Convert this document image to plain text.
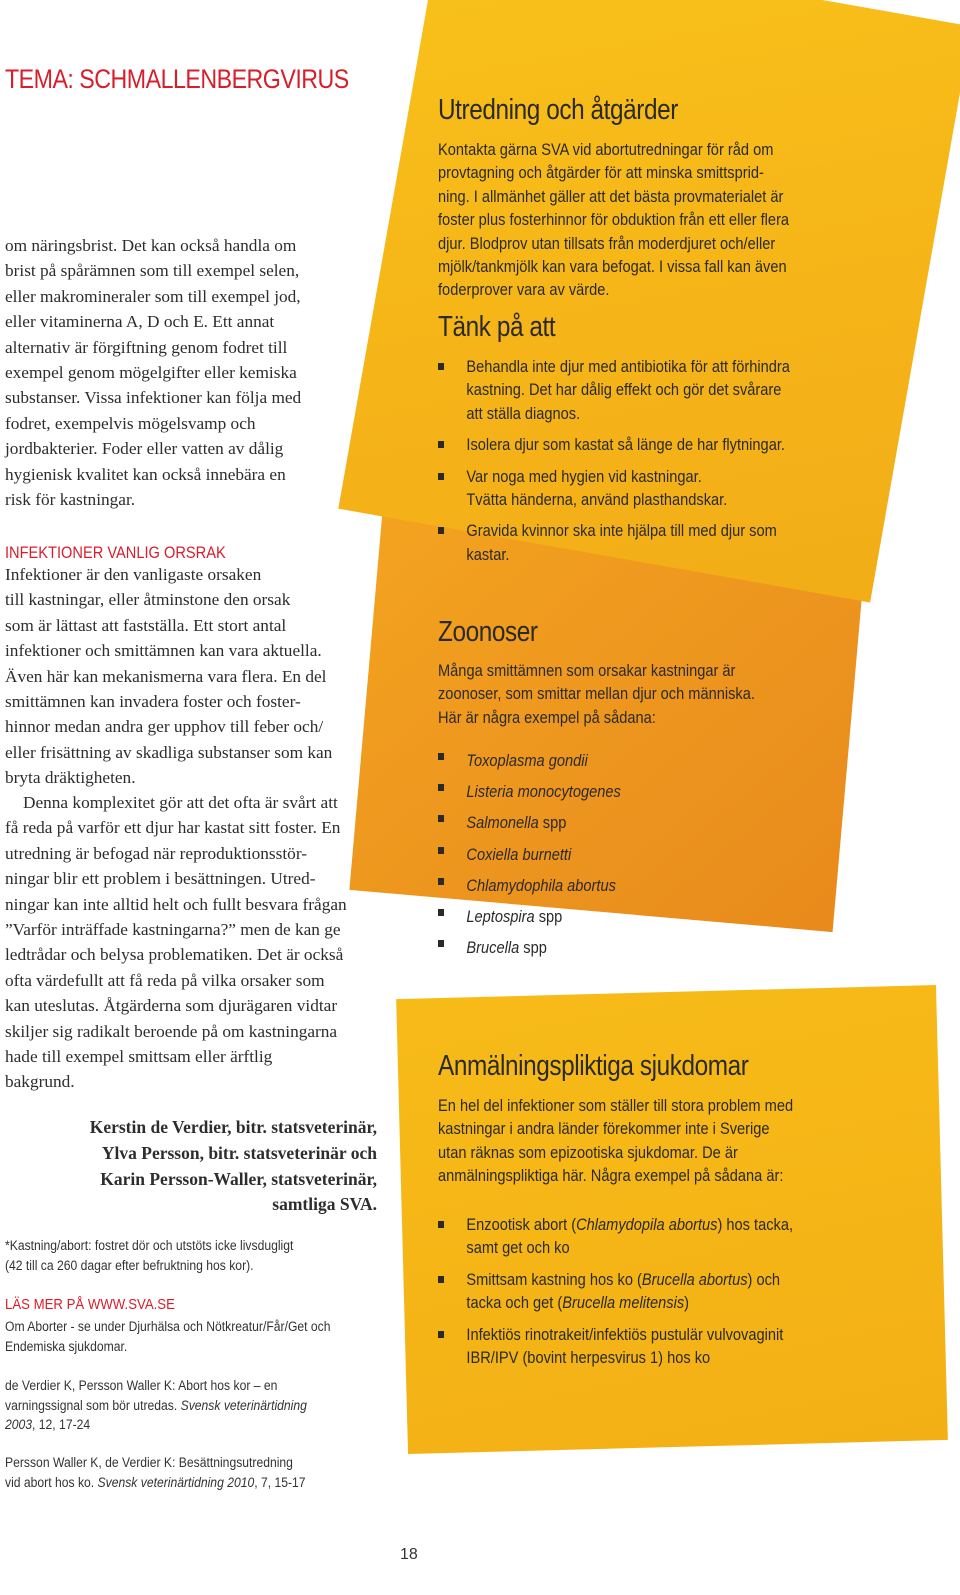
TEMA: SCHMALLENBERGVIRUS

om näringsbrist. Det kan också handla om

brist på spårämnen som till exempel selen,

eller makromineraler som till exempel jod,

eller vitaminerna A, D och E. Ett annat

alternativ är förgiftning genom fodret till

exempel genom mögelgifter eller kemiska

substanser. Vissa infektioner kan följa med

fodret, exempelvis mögelsvamp och

jordbakterier. Foder eller vatten av dålig

hygienisk kvalitet kan också innebära en

risk för kastningar.

INFEKTIONER VANLIG ORSRAK

Infektioner är den vanligaste orsaken

till kastningar, eller åtminstone den orsak

som är lättast att fastställa. Ett stort antal

infektioner och smittämnen kan vara aktuella.

Även här kan mekanismerna vara flera. En del

smittämnen kan invadera foster och foster-

hinnor medan andra ger upphov till feber och/

eller frisättning av skadliga substanser som kan

bryta dräktigheten.

Denna komplexitet gör att det ofta är svårt att

få reda på varför ett djur har kastat sitt foster. En

utredning är befogad när reproduktionsstör-

ningar blir ett problem i besättningen. Utred-

ningar kan inte alltid helt och fullt besvara frågan

”Varför inträffade kastningarna?” men de kan ge

ledtrådar och belysa problematiken. Det är också

ofta värdefullt att få reda på vilka orsaker som

kan uteslutas. Åtgärderna som djurägaren vidtar

skiljer sig radikalt beroende på om kastningarna

hade till exempel smittsam eller ärftlig

bakgrund.

Kerstin de Verdier, bitr. statsveterinär,
Ylva Persson, bitr. statsveterinär och
Karin Persson-Waller, statsveterinär,
samtliga SVA.
*Kastning/abort: fostret dör och utstöts icke livsdugligt
(42 till ca 260 dagar efter befruktning hos kor).
LÄS MER PÅ WWW.SVA.SE
Om Aborter - se under Djurhälsa och Nötkreatur/Får/Get och
Endemiska sjukdomar.
de Verdier K, Persson Waller K: Abort hos kor – en
varningssignal som bör utredas. Svensk veterinärtidning
2003, 12, 17-24
Persson Waller K, de Verdier K: Besättningsutredning
vid abort hos ko. Svensk veterinärtidning 2010, 7, 15-17
18
Utredning och åtgärder

Kontakta gärna SVA vid abortutredningar för råd om

provtagning och åtgärder för att minska smittsprid-

ning. I allmänhet gäller att det bästa provmaterialet är

foster plus fosterhinnor för obduktion från ett eller flera

djur. Blodprov utan tillsats från moderdjuret och/eller

mjölk/tankmjölk kan vara befogat. I vissa fall kan även

foderprover vara av värde.

Tänk på att
Behandla inte djur med antibiotika för att förhindra
kastning. Det har dålig effekt och gör det svårare
att ställa diagnos.
Isolera djur som kastat så länge de har flytningar.
Var noga med hygien vid kastningar.
Tvätta händerna, använd plasthandskar.
Gravida kvinnor ska inte hjälpa till med djur som
kastar.
Zoonoser

Många smittämnen som orsakar kastningar är

zoonoser, som smittar mellan djur och människa.

Här är några exempel på sådana:

Toxoplasma gondii
Listeria monocytogenes
Salmonella spp
Coxiella burnetti
Chlamydophila abortus
Leptospira spp
Brucella spp
Anmälningspliktiga sjukdomar

En hel del infektioner som ställer till stora problem med

kastningar i andra länder förekommer inte i Sverige

utan räknas som epizootiska sjukdomar. De är

anmälningspliktiga här. Några exempel på sådana är:

Enzootisk abort (Chlamydopila abortus) hos tacka,
samt get och ko
Smittsam kastning hos ko (Brucella abortus) och
tacka och get (Brucella melitensis)
Infektiös rinotrakeit/infektiös pustulär vulvovaginit
IBR/IPV (bovint herpesvirus 1) hos ko
